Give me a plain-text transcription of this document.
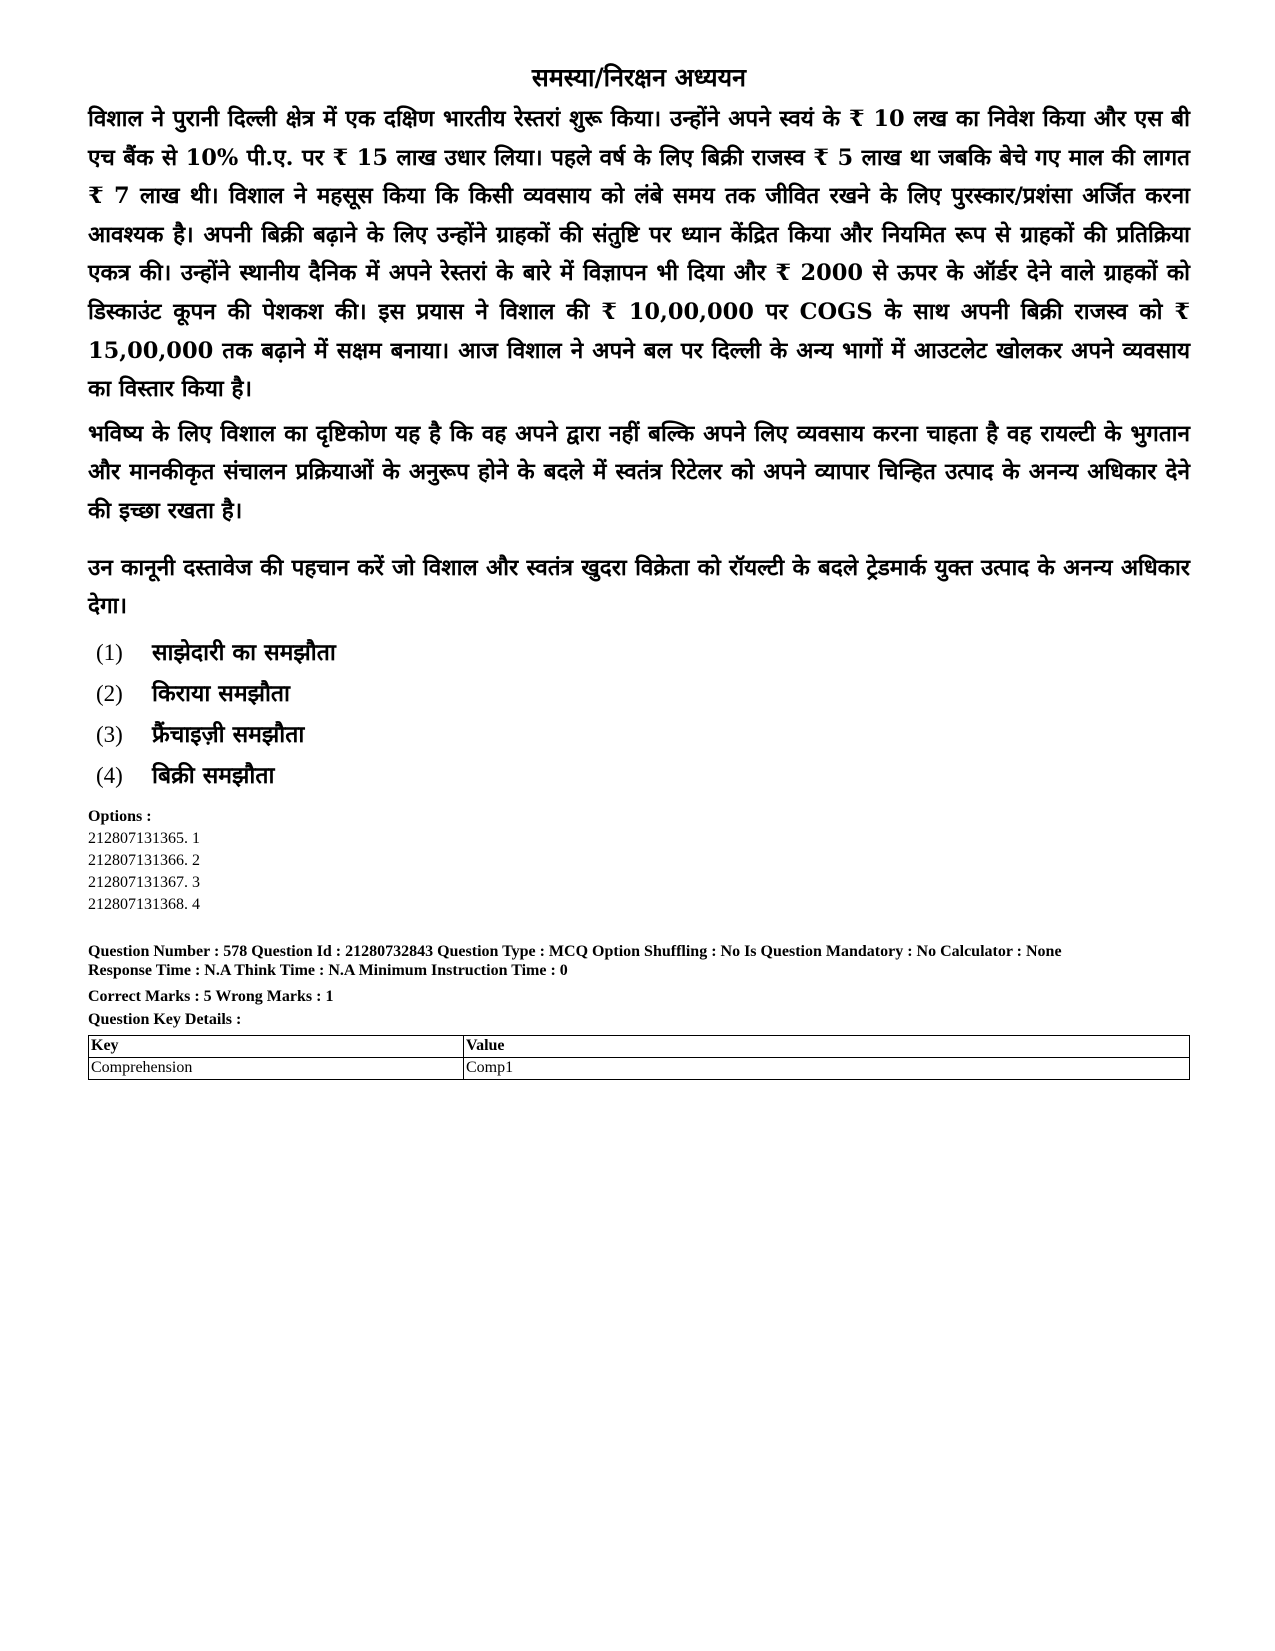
समस्या/निरक्षन अध्ययन

विशाल ने पुरानी दिल्ली क्षेत्र में एक दक्षिण भारतीय रेस्तरां शुरू किया। उन्होंने अपने स्वयं के ₹ 10 लख का निवेश किया और एस बी एच बैंक से 10% पी.ए. पर ₹ 15 लाख उधार लिया। पहले वर्ष के लिए बिक्री राजस्व ₹ 5 लाख था जबकि बेचे गए माल की लागत ₹ 7 लाख थी। विशाल ने महसूस किया कि किसी व्यवसाय को लंबे समय तक जीवित रखने के लिए पुरस्कार/प्रशंसा अर्जित करना आवश्यक है। अपनी बिक्री बढ़ाने के लिए उन्होंने ग्राहकों की संतुष्टि पर ध्यान केंद्रित किया और नियमित रूप से ग्राहकों की प्रतिक्रिया एकत्र की। उन्होंने स्थानीय दैनिक में अपने रेस्तरां के बारे में विज्ञापन भी दिया और ₹ 2000 से ऊपर के ऑर्डर देने वाले ग्राहकों को डिस्काउंट कूपन की पेशकश की। इस प्रयास ने विशाल की ₹ 10,00,000 पर COGS के साथ अपनी बिक्री राजस्व को ₹ 15,00,000 तक बढ़ाने में सक्षम बनाया। आज विशाल ने अपने बल पर दिल्ली के अन्य भागों में आउटलेट खोलकर अपने व्यवसाय का विस्तार किया है।

भविष्य के लिए विशाल का दृष्टिकोण यह है कि वह अपने द्वारा नहीं बल्कि अपने लिए व्यवसाय करना चाहता है वह रायल्टी के भुगतान और मानकीकृत संचालन प्रक्रियाओं के अनुरूप होने के बदले में स्वतंत्र रिटेलर को अपने व्यापार चिन्हित उत्पाद के अनन्य अधिकार देने की इच्छा रखता है।

उन कानूनी दस्तावेज की पहचान करें जो विशाल और स्वतंत्र खुदरा विक्रेता को रॉयल्टी के बदले ट्रेडमार्क युक्त उत्पाद के अनन्य अधिकार देगा।

(1)	साझेदारी का समझौता
(2)	किराया समझौता
(3)	फ्रैंचाइज़ी समझौता
(4)	बिक्री समझौता
Options :
212807131365. 1
212807131366. 2
212807131367. 3
212807131368. 4
Question Number : 578 Question Id : 21280732843 Question Type : MCQ Option Shuffling : No Is Question Mandatory : No Calculator : None
Response Time : N.A Think Time : N.A Minimum Instruction Time : 0
Correct Marks : 5 Wrong Marks : 1
Question Key Details :
Key	Value
Comprehension	Comp1
